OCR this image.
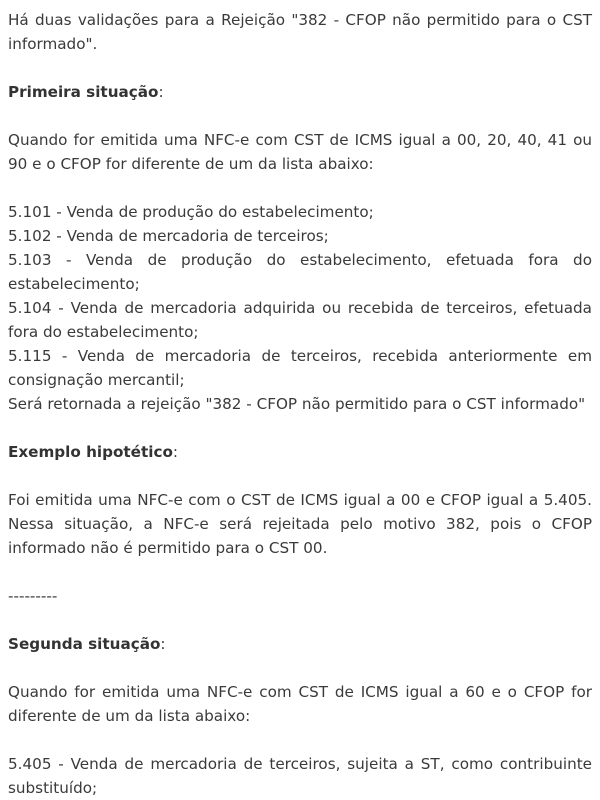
Há duas validações para a Rejeição "382 - CFOP não permitido para o CST informado".

Primeira situação:

Quando for emitida uma NFC-e com CST de ICMS igual a 00, 20, 40, 41 ou 90 e o CFOP for diferente de um da lista abaixo:

5.101 - Venda de produção do estabelecimento;
5.102 - Venda de mercadoria de terceiros;
5.103 - Venda de produção do estabelecimento, efetuada fora do estabelecimento;
5.104 - Venda de mercadoria adquirida ou recebida de terceiros, efetuada fora do estabelecimento;
5.115 - Venda de mercadoria de terceiros, recebida anteriormente em consignação mercantil;
Será retornada a rejeição "382 - CFOP não permitido para o CST informado"

Exemplo hipotético:

Foi emitida uma NFC-e com o CST de ICMS igual a 00 e CFOP igual a 5.405. Nessa situação, a NFC-e será rejeitada pelo motivo 382, pois o CFOP informado não é permitido para o CST 00.

---------

Segunda situação:

Quando for emitida uma NFC-e com CST de ICMS igual a 60 e o CFOP for diferente de um da lista abaixo:

5.405 - Venda de mercadoria de terceiros, sujeita a ST, como contribuinte substituído;
